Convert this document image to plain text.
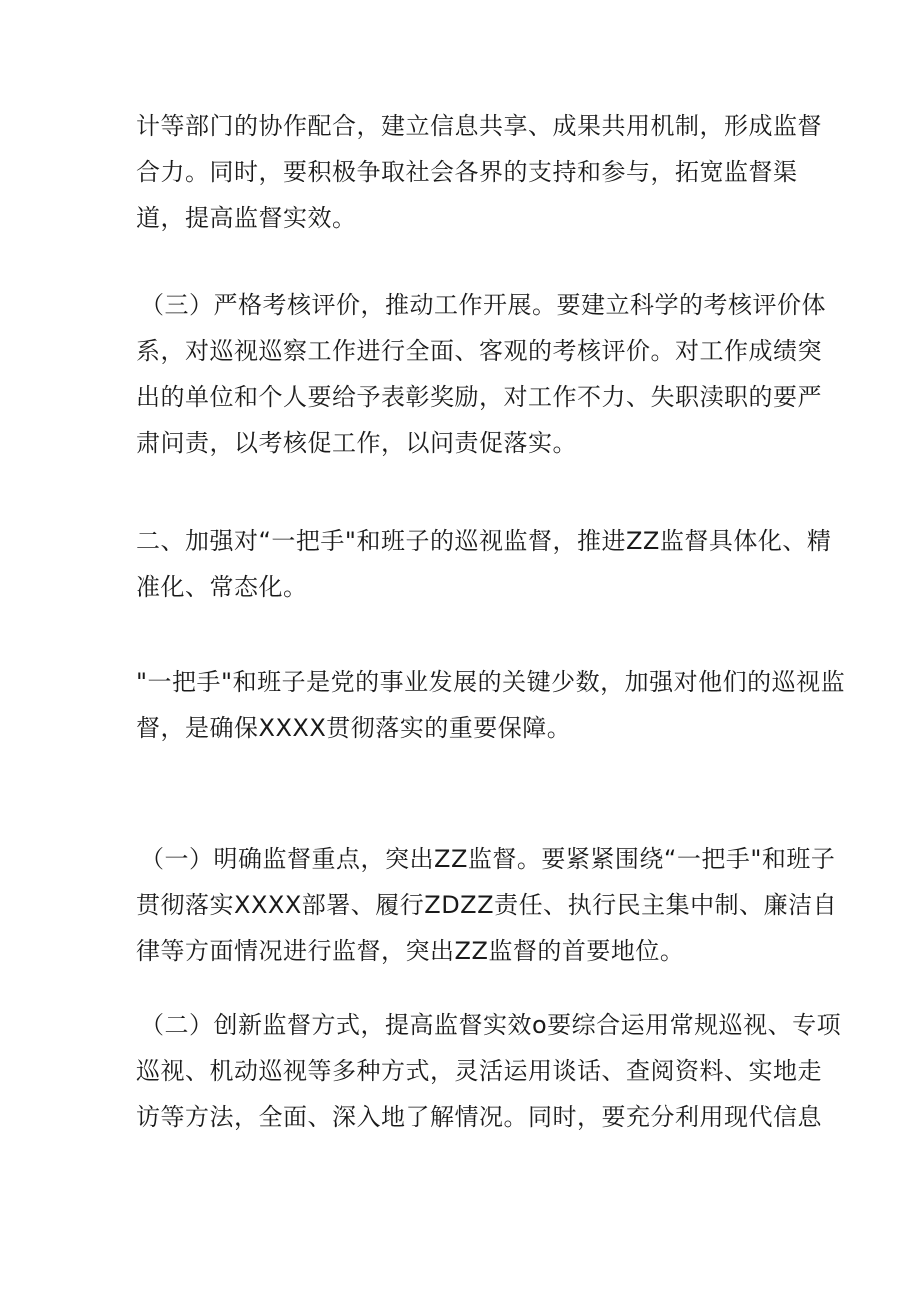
计等部门的协作配合，建立信息共享、成果共用机制，形成监督
合力。同时，要积极争取社会各界的支持和参与，拓宽监督渠
道，提高监督实效。
（三）严格考核评价，推动工作开展。要建立科学的考核评价体
系，对巡视巡察工作进行全面、客观的考核评价。对工作成绩突
出的单位和个人要给予表彰奖励，对工作不力、失职渎职的要严
肃问责，以考核促工作，以问责促落实。
二、加强对“一把手"和班子的巡视监督，推进ZZ监督具体化、精
准化、常态化。
"一把手"和班子是党的事业发展的关键少数，加强对他们的巡视监
督，是确保XXXX贯彻落实的重要保障。
（一）明确监督重点，突出ZZ监督。要紧紧围绕“一把手"和班子
贯彻落实XXXX部署、履行ZDZZ责任、执行民主集中制、廉洁自
律等方面情况进行监督，突出ZZ监督的首要地位。
（二）创新监督方式，提高监督实效o要综合运用常规巡视、专项
巡视、机动巡视等多种方式，灵活运用谈话、查阅资料、实地走
访等方法，全面、深入地了解情况。同时，要充分利用现代信息
